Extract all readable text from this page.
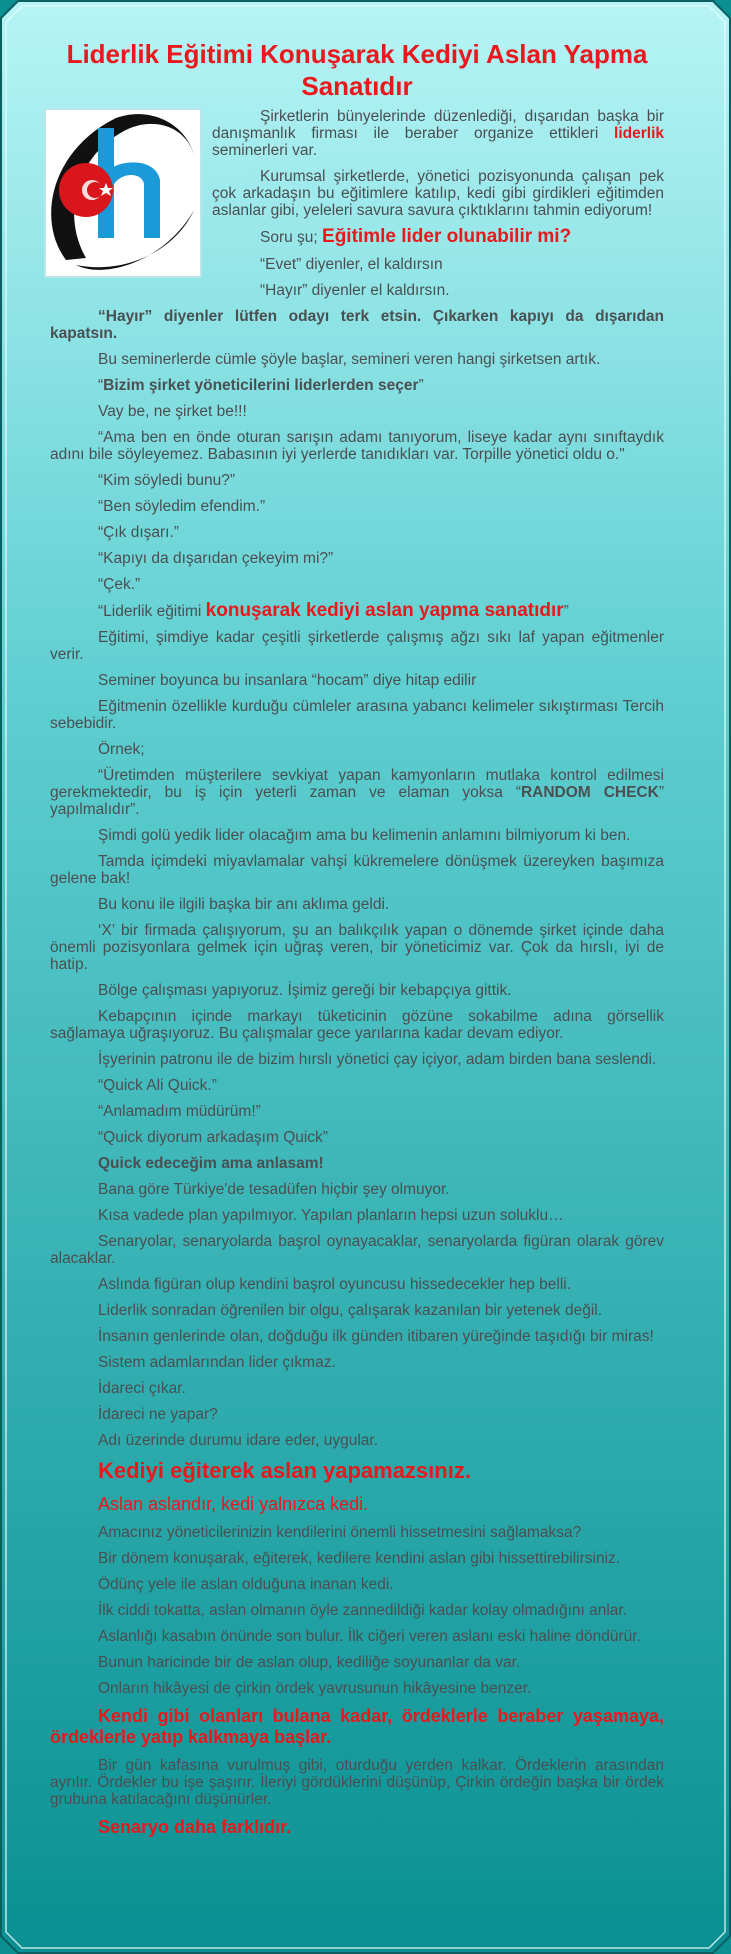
Liderlik Eğitimi Konuşarak Kediyi Aslan Yapma Sanatıdır

Şirketlerin bünyelerinde düzenlediği, dışarıdan başka bir danışmanlık firması ile beraber organize ettikleri liderlik seminerleri var.

Kurumsal şirketlerde, yönetici pozisyonunda çalışan pek çok arkadaşın bu eğitimlere katılıp, kedi gibi girdikleri eğitimden aslanlar gibi, yeleleri savura savura çıktıklarını tahmin ediyorum!

Soru şu; Eğitimle lider olunabilir mi?

“Evet” diyenler, el kaldırsın

“Hayır” diyenler el kaldırsın.

“Hayır” diyenler lütfen odayı terk etsin. Çıkarken kapıyı da dışarıdan kapatsın.

Bu seminerlerde cümle şöyle başlar, semineri veren hangi şirketsen artık.

“Bizim şirket yöneticilerini liderlerden seçer”

Vay be, ne şirket be!!!

“Ama ben en önde oturan sarışın adamı tanıyorum, liseye kadar aynı sınıftaydık adını bile söyleyemez. Babasının iyi yerlerde tanıdıkları var. Torpille yönetici oldu o."

“Kim söyledi bunu?”

“Ben söyledim efendim.”

“Çık dışarı.”

“Kapıyı da dışarıdan çekeyim mi?”

“Çek.”

“Liderlik eğitimi konuşarak kediyi aslan yapma sanatıdır”

Eğitimi, şimdiye kadar çeşitli şirketlerde çalışmış ağzı sıkı laf yapan eğitmenler verir.

Seminer boyunca bu insanlara “hocam” diye hitap edilir

Eğitmenin özellikle kurduğu cümleler arasına yabancı kelimeler sıkıştırması Tercih sebebidir.

Örnek;

“Üretimden müşterilere sevkiyat yapan kamyonların mutlaka kontrol edilmesi gerekmektedir, bu iş için yeterli zaman ve elaman yoksa “RANDOM CHECK” yapılmalıdır”.

Şimdi golü yedik lider olacağım ama bu kelimenin anlamını bilmiyorum ki ben.

Tamda içimdeki miyavlamalar vahşi kükremelere dönüşmek üzereyken başımıza gelene bak!

Bu konu ile ilgili başka bir anı aklıma geldi.

‘X’ bir firmada çalışıyorum, şu an balıkçılık yapan o dönemde şirket içinde daha önemli pozisyonlara gelmek için uğraş veren, bir yöneticimiz var. Çok da hırslı, iyi de hatip.

Bölge çalışması yapıyoruz. İşimiz gereği bir kebapçıya gittik.

Kebapçının içinde markayı tüketicinin gözüne sokabilme adına görsellik sağlamaya uğraşıyoruz. Bu çalışmalar gece yarılarına kadar devam ediyor.

İşyerinin patronu ile de bizim hırslı yönetici çay içiyor, adam birden bana seslendi.

“Quick Ali Quick.”

“Anlamadım müdürüm!”

“Quick diyorum arkadaşım Quick”

Quick edeceğim ama anlasam!

Bana göre Türkiye'de tesadüfen hiçbir şey olmuyor.

Kısa vadede plan yapılmıyor. Yapılan planların hepsi uzun soluklu…

Senaryolar, senaryolarda başrol oynayacaklar, senaryolarda figüran olarak görev alacaklar.

Aslında figüran olup kendini başrol oyuncusu hissedecekler hep belli.

Liderlik sonradan öğrenilen bir olgu, çalışarak kazanılan bir yetenek değil.

İnsanın genlerinde olan, doğduğu ilk günden itibaren yüreğinde taşıdığı bir miras!

Sistem adamlarından lider çıkmaz.

İdareci çıkar.

İdareci ne yapar?

Adı üzerinde durumu idare eder, uygular.

Kediyi eğiterek aslan yapamazsınız.

Aslan aslandır, kedi yalnızca kedi.

Amacınız yöneticilerinizin kendilerini önemli hissetmesini sağlamaksa?

Bir dönem konuşarak, eğiterek, kedilere kendini aslan gibi hissettirebilirsiniz.

Ödünç yele ile aslan olduğuna inanan kedi.

İlk ciddi tokatta, aslan olmanın öyle zannedildiği kadar kolay olmadığını anlar.

Aslanlığı kasabın önünde son bulur. İlk ciğeri veren aslanı eski haline döndürür.

Bunun haricinde bir de aslan olup, kediliğe soyunanlar da var.

Onların hikâyesi de çirkin ördek yavrusunun hikâyesine benzer.

Kendi gibi olanları bulana kadar, ördeklerle beraber yaşamaya, ördeklerle yatıp kalkmaya başlar.

Bir gün kafasına vurulmuş gibi, oturduğu yerden kalkar. Ördeklerin arasından ayrılır. Ördekler bu işe şaşırır. İleriyi gördüklerini düşünüp, Çirkin ördeğin başka bir ördek grubuna katılacağını düşünürler.

Senaryo daha farklıdır.
